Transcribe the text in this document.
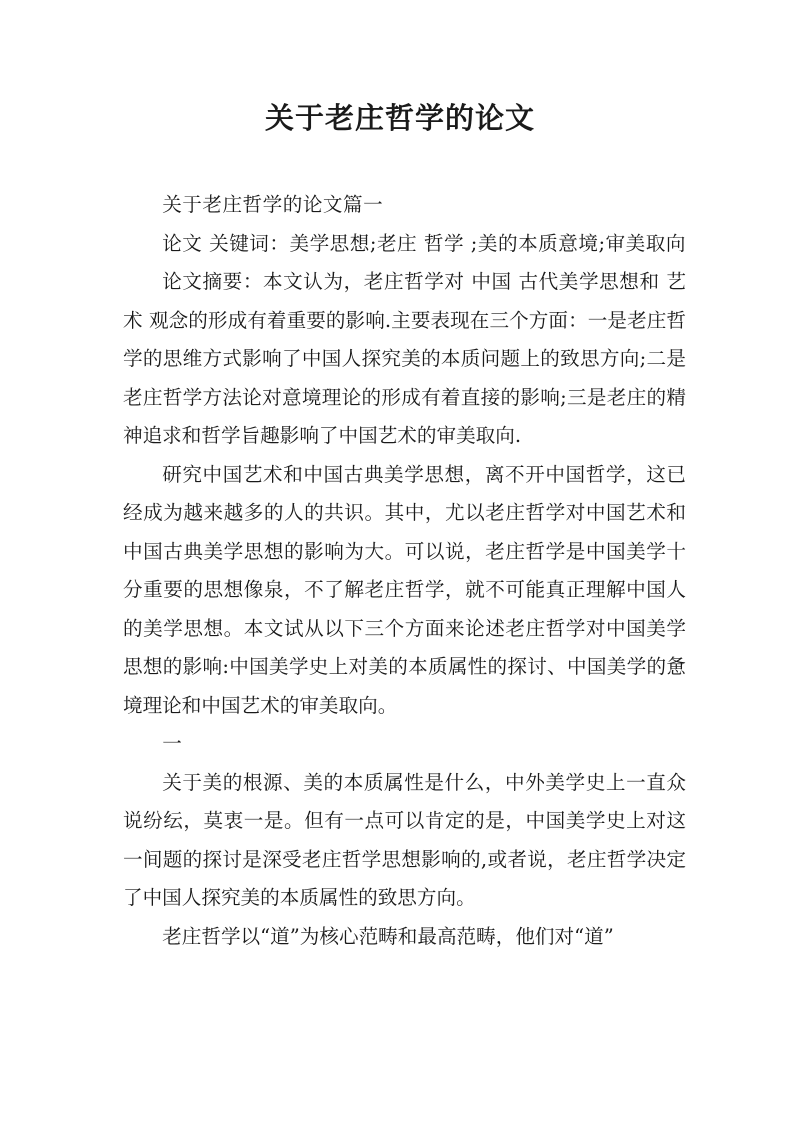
关于老庄哲学的论文

关于老庄哲学的论文篇一

论文 关键词：美学思想;老庄 哲学 ;美的本质意境;审美取向

论文摘要：本文认为，老庄哲学对 中国 古代美学思想和 艺术 观念的形成有着重要的影响.主要表现在三个方面：一是老庄哲学的思维方式影响了中国人探究美的本质问题上的致思方向;二是老庄哲学方法论对意境理论的形成有着直接的影响;三是老庄的精神追求和哲学旨趣影响了中国艺术的审美取向.

研究中国艺术和中国古典美学思想，离不开中国哲学，这已经成为越来越多的人的共识。其中，尤以老庄哲学对中国艺术和中国古典美学思想的影响为大。可以说，老庄哲学是中国美学十分重要的思想像泉，不了解老庄哲学，就不可能真正理解中国人的美学思想。本文试从以下三个方面来论述老庄哲学对中国美学思想的影响:中国美学史上对美的本质属性的探讨、中国美学的惫境理论和中国艺术的审美取向。

一

关于美的根源、美的本质属性是什么，中外美学史上一直众说纷纭，莫衷一是。但有一点可以肯定的是，中国美学史上对这一间题的探讨是深受老庄哲学思想影响的,或者说，老庄哲学决定了中国人探究美的本质属性的致思方向。

老庄哲学以“道”为核心范畴和最高范畴，他们对“道”
